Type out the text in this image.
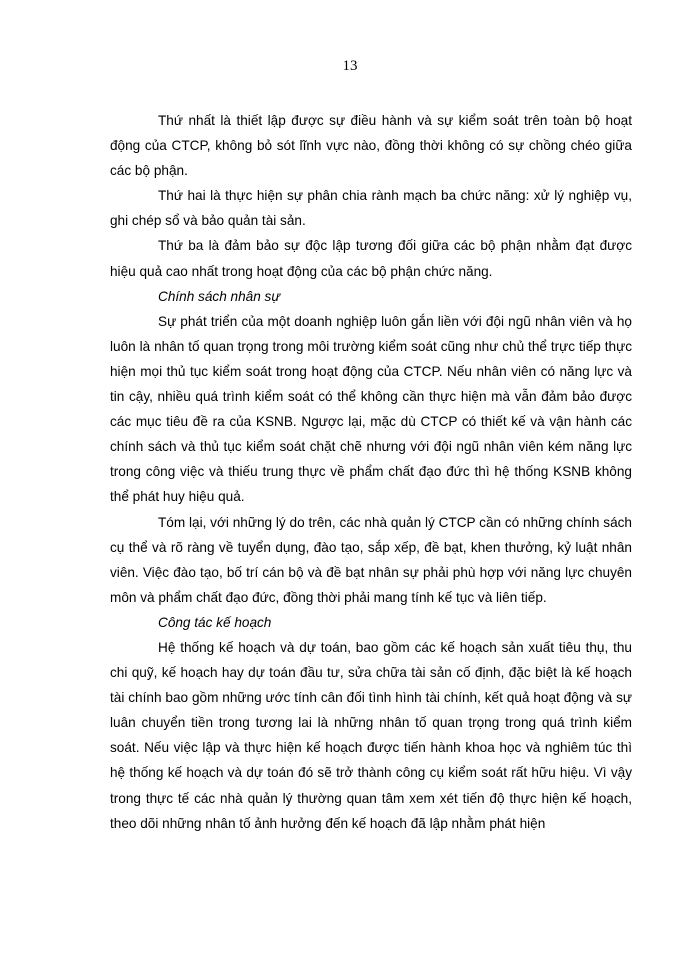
13

Thứ nhất là thiết lập được sự điều hành và sự kiểm soát trên toàn bộ hoạt động của CTCP, không bỏ sót lĩnh vực nào, đồng thời không có sự chồng chéo giữa các bộ phận.

Thứ hai là thực hiện sự phân chia rành mạch ba chức năng: xử lý nghiệp vụ, ghi chép sổ và bảo quản tài sản.

Thứ ba là đảm bảo sự độc lập tương đối giữa các bộ phận nhằm đạt được hiệu quả cao nhất trong hoạt động của các bộ phận chức năng.

Chính sách nhân sự

Sự phát triển của một doanh nghiệp luôn gắn liền với đội ngũ nhân viên và họ luôn là nhân tố quan trọng trong môi trường kiểm soát cũng như chủ thể trực tiếp thực hiện mọi thủ tục kiểm soát trong hoạt động của CTCP. Nếu nhân viên có năng lực và tin cậy, nhiều quá trình kiểm soát có thể không cần thực hiện mà vẫn đảm bảo được các mục tiêu đề ra của KSNB. Ngược lại, mặc dù CTCP có thiết kế và vận hành các chính sách và thủ tục kiểm soát chặt chẽ nhưng với đội ngũ nhân viên kém năng lực trong công việc và thiếu trung thực về phẩm chất đạo đức thì hệ thống KSNB không thể phát huy hiệu quả.

Tóm lại, với những lý do trên, các nhà quản lý CTCP cần có những chính sách cụ thể và rõ ràng về tuyển dụng, đào tạo, sắp xếp, đề bạt, khen thưởng, kỷ luật nhân viên. Việc đào tạo, bố trí cán bộ và đề bạt nhân sự phải phù hợp với năng lực chuyên môn và phẩm chất đạo đức, đồng thời phải mang tính kế tục và liên tiếp.

Công tác kế hoạch

Hệ thống kế hoạch và dự toán, bao gồm các kế hoạch sản xuất tiêu thụ, thu chi quỹ, kế hoạch hay dự toán đầu tư, sửa chữa tài sản cố định, đặc biệt là kế hoạch tài chính bao gồm những ước tính cân đối tình hình tài chính, kết quả hoạt động và sự luân chuyển tiền trong tương lai là những nhân tố quan trọng trong quá trình kiểm soát. Nếu việc lập và thực hiện kế hoạch được tiến hành khoa học và nghiêm túc thì hệ thống kế hoạch và dự toán đó sẽ trở thành công cụ kiểm soát rất hữu hiệu. Vì vậy trong thực tế các nhà quản lý thường quan tâm xem xét tiến độ thực hiện kế hoạch, theo dõi những nhân tố ảnh hưởng đến kế hoạch đã lập nhằm phát hiện
